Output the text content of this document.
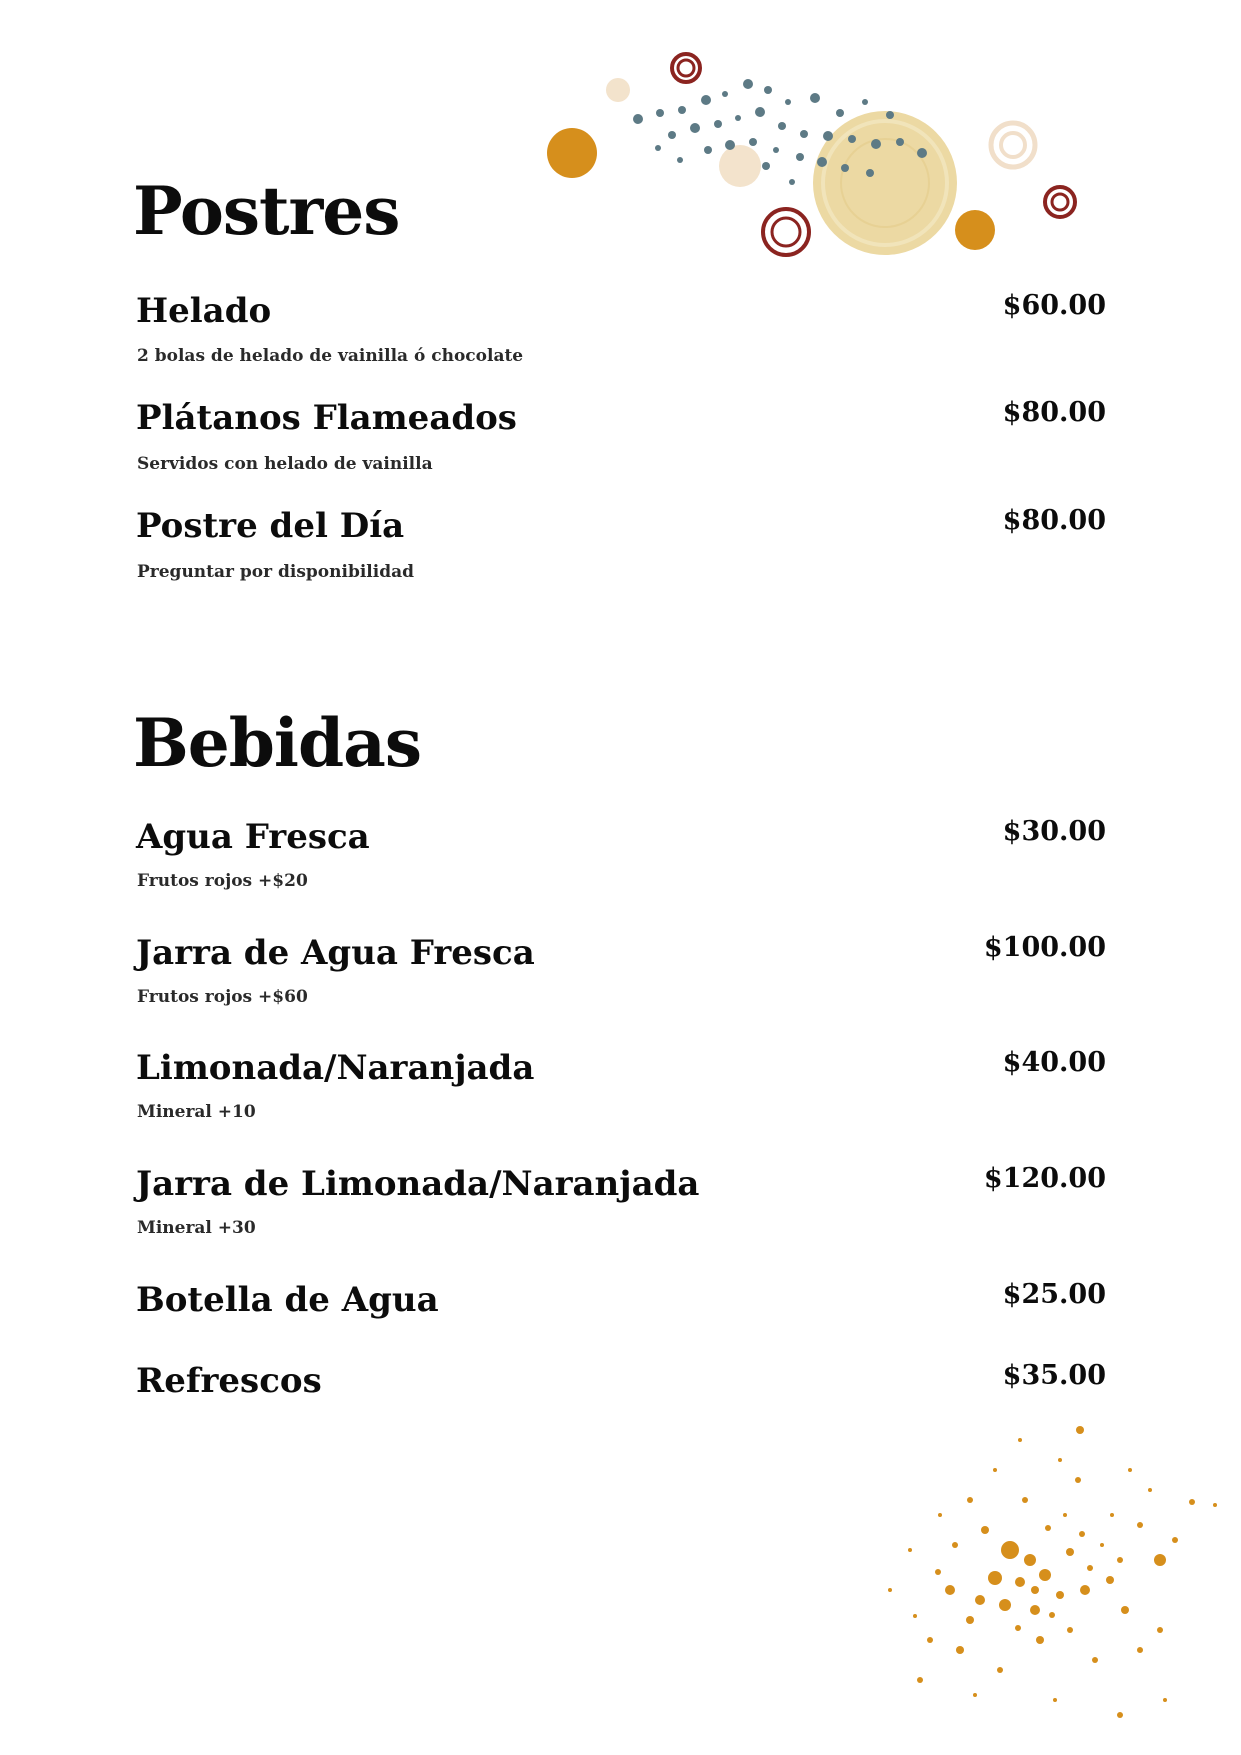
Postres
Helado
2 bolas de helado de vainilla ó chocolate
$60.00
Plátanos Flameados
Servidos con helado de vainilla
$80.00
Postre del Día
Preguntar por disponibilidad
$80.00
Bebidas
Agua Fresca
Frutos rojos +$20
$30.00
Jarra de Agua Fresca
Frutos rojos +$60
$100.00
Limonada/Naranjada
Mineral +10
$40.00
Jarra de Limonada/Naranjada
Mineral +30
$120.00
Botella de Agua	$25.00
Refrescos	$35.00
